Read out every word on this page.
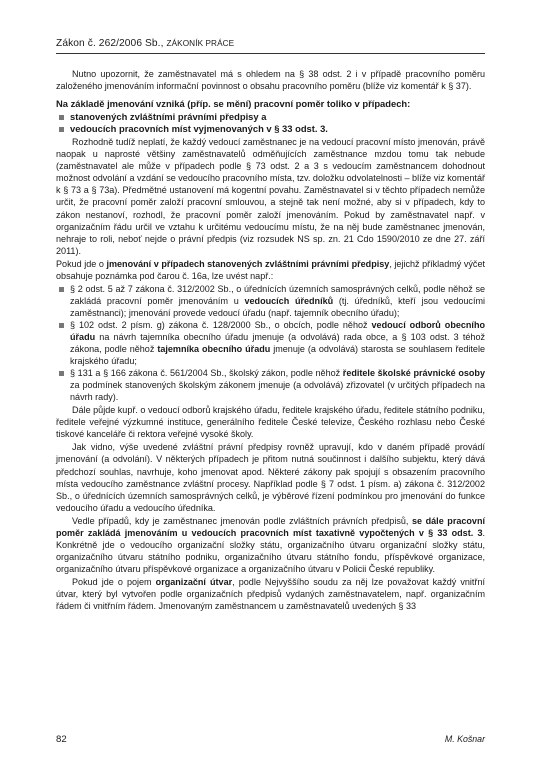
Zákon č. 262/2006 Sb., ZÁKONÍK PRÁCE

Nutno upozornit, že zaměstnavatel má s ohledem na § 38 odst. 2 i v případě pracovního poměru založeného jmenováním informační povinnost o obsahu pracovního poměru (blíže viz komentář k § 37).

Na základě jmenování vzniká (příp. se mění) pracovní poměr toliko v případech:

stanovených zvláštními právními předpisy a
vedoucích pracovních míst vyjmenovaných v § 33 odst. 3.

Rozhodně tudíž neplatí, že každý vedoucí zaměstnanec je na vedoucí pracovní místo jmenován, právě naopak u naprosté většiny zaměstnavatelů odměňujících zaměstnance mzdou tomu tak nebude (zaměstnavatel ale může v případech podle § 73 odst. 2 a 3 s vedoucím zaměstnancem dohodnout možnost odvolání a vzdání se vedoucího pracovního místa, tzv. doložku odvolatelnosti – blíže viz komentář k § 73 a § 73a). Předmětné ustanovení má kogentní povahu. Zaměstnavatel si v těchto případech nemůže určit, že pracovní poměr založí pracovní smlouvou, a stejně tak není možné, aby si v případech, kdy to zákon nestanoví, rozhodl, že pracovní poměr založí jmenováním. Pokud by zaměstnavatel např. v organizačním řádu určil ve vztahu k určitému vedoucímu místu, že na něj bude zaměstnanec jmenován, nehraje to roli, neboť nejde o právní předpis (viz rozsudek NS sp. zn. 21 Cdo 1590/2010 ze dne 27. září 2011).

Pokud jde o jmenování v případech stanovených zvláštními právními předpisy, jejichž příkladmý výčet obsahuje poznámka pod čarou č. 16a, lze uvést např.:

§ 2 odst. 5 až 7 zákona č. 312/2002 Sb., o úřednících územních samosprávných celků, podle něhož se zakládá pracovní poměr jmenováním u vedoucích úředníků (tj. úředníků, kteří jsou vedoucími zaměstnanci); jmenování provede vedoucí úřadu (např. tajemník obecního úřadu);
§ 102 odst. 2 písm. g) zákona č. 128/2000 Sb., o obcích, podle něhož vedoucí odborů obecního úřadu na návrh tajemníka obecního úřadu jmenuje (a odvolává) rada obce, a § 103 odst. 3 téhož zákona, podle něhož tajemníka obecního úřadu jmenuje (a odvolává) starosta se souhlasem ředitele krajského úřadu;
§ 131 a § 166 zákona č. 561/2004 Sb., školský zákon, podle něhož ředitele školské právnické osoby za podmínek stanovených školským zákonem jmenuje (a odvolává) zřizovatel (v určitých případech na návrh rady).

Dále půjde kupř. o vedoucí odborů krajského úřadu, ředitele krajského úřadu, ředitele státního podniku, ředitele veřejné výzkumné instituce, generálního ředitele České televize, Českého rozhlasu nebo České tiskové kanceláře či rektora veřejné vysoké školy.

Jak vidno, výše uvedené zvláštní právní předpisy rovněž upravují, kdo v daném případě provádí jmenování (a odvolání). V některých případech je přitom nutná součinnost i dalšího subjektu, který dává předchozí souhlas, navrhuje, koho jmenovat apod. Některé zákony pak spojují s obsazením pracovního místa vedoucího zaměstnance zvláštní procesy. Například podle § 7 odst. 1 písm. a) zákona č. 312/2002 Sb., o úřednících územních samosprávných celků, je výběrové řízení podmínkou pro jmenování do funkce vedoucího úřadu a vedoucího úředníka.

Vedle případů, kdy je zaměstnanec jmenován podle zvláštních právních předpisů, se dále pracovní poměr zakládá jmenováním u vedoucích pracovních míst taxativně vypočtených v § 33 odst. 3. Konkrétně jde o vedoucího organizační složky státu, organizačního útvaru organizační složky státu, organizačního útvaru státního podniku, organizačního útvaru státního fondu, příspěvkové organizace, organizačního útvaru příspěvkové organizace a organizačního útvaru v Policii České republiky.

Pokud jde o pojem organizační útvar, podle Nejvyššího soudu za něj lze považovat každý vnitřní útvar, který byl vytvořen podle organizačních předpisů vydaných zaměstnavatelem, např. organizačním řádem či vnitřním řádem. Jmenovaným zaměstnancem u zaměstnavatelů uvedených § 33

82	M. Košnar
